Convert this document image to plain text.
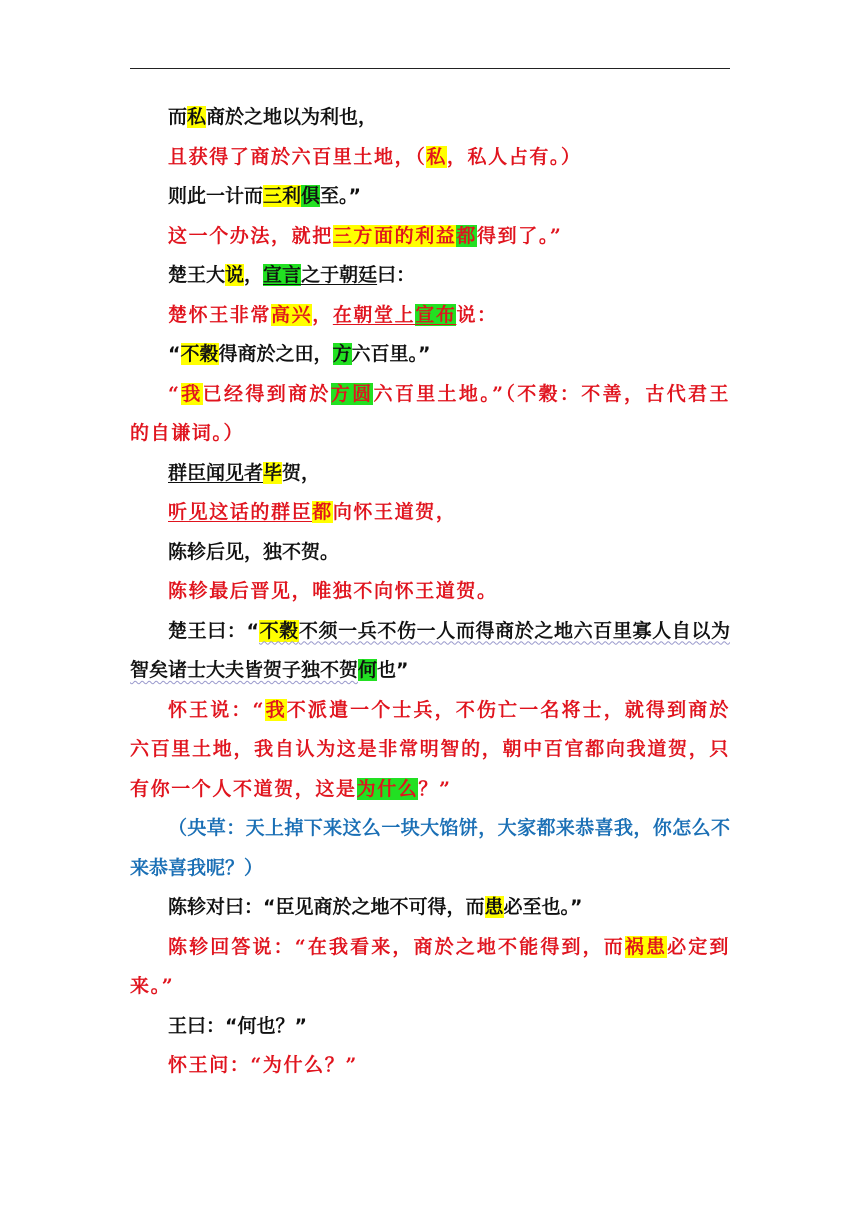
而私商於之地以为利也，

且获得了商於六百里土地，（私，私人占有。）

则此一计而三利俱至。”

这一个办法，就把三方面的利益都得到了。”

楚王大说，宣言之于朝廷曰：

楚怀王非常高兴，在朝堂上宣布说：

“不穀得商於之田，方六百里。”

“我已经得到商於方圆六百里土地。”（不穀：不善，古代君王的自谦词。）

群臣闻见者毕贺，

听见这话的群臣都向怀王道贺，

陈轸后见，独不贺。

陈轸最后晋见，唯独不向怀王道贺。

楚王曰：“不穀不须一兵不伤一人而得商於之地六百里寡人自以为智矣诸士大夫皆贺子独不贺何也”

怀王说：“我不派遣一个士兵，不伤亡一名将士，就得到商於六百里土地，我自认为这是非常明智的，朝中百官都向我道贺，只有你一个人不道贺，这是为什么？”

（央草：天上掉下来这么一块大馅饼，大家都来恭喜我，你怎么不来恭喜我呢？）

陈轸对曰：“臣见商於之地不可得，而患必至也。”

陈轸回答说：“在我看来，商於之地不能得到，而祸患必定到来。”

王曰：“何也？”

怀王问：“为什么？”
